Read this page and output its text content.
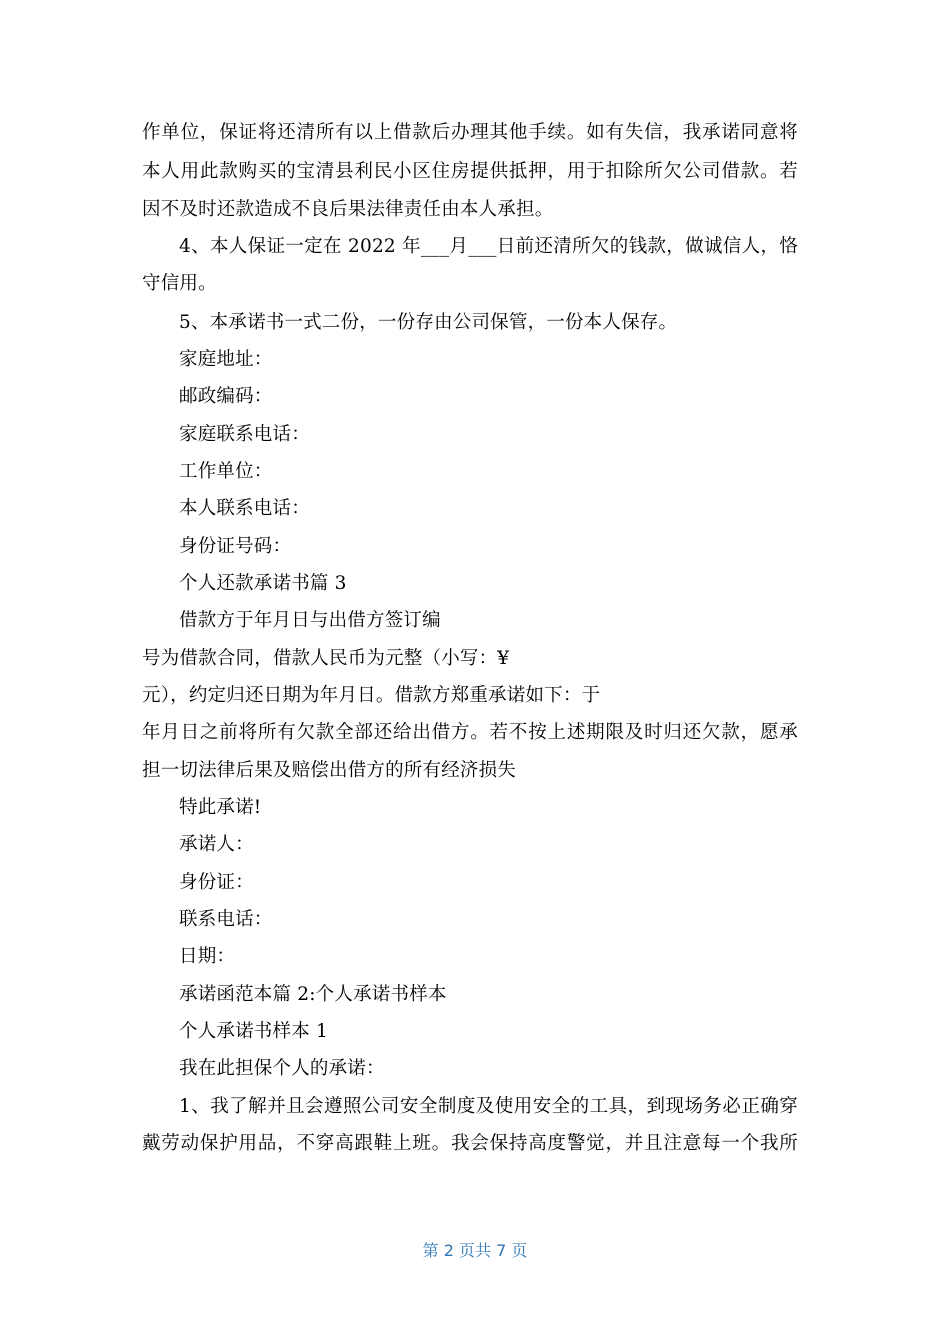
作单位，保证将还清所有以上借款后办理其他手续。如有失信，我承诺同意将
本人用此款购买的宝清县利民小区住房提供抵押，用于扣除所欠公司借款。若
因不及时还款造成不良后果法律责任由本人承担。
4、本人保证一定在 2022 年___月___日前还清所欠的钱款，做诚信人，恪
守信用。
5、本承诺书一式二份，一份存由公司保管，一份本人保存。
家庭地址：
邮政编码：
家庭联系电话：
工作单位：
本人联系电话：
身份证号码：
个人还款承诺书篇 3
借款方于年月日与出借方签订编
号为借款合同，借款人民币为元整（小写：¥
元），约定归还日期为年月日。借款方郑重承诺如下：于
年月日之前将所有欠款全部还给出借方。若不按上述期限及时归还欠款，愿承
担一切法律后果及赔偿出借方的所有经济损失
特此承诺!
承诺人：
身份证：
联系电话：
日期：
承诺函范本篇 2:个人承诺书样本
个人承诺书样本 1
我在此担保个人的承诺：
1、我了解并且会遵照公司安全制度及使用安全的工具，到现场务必正确穿
戴劳动保护用品，不穿高跟鞋上班。我会保持高度警觉，并且注意每一个我所
第 2 页共 7 页
